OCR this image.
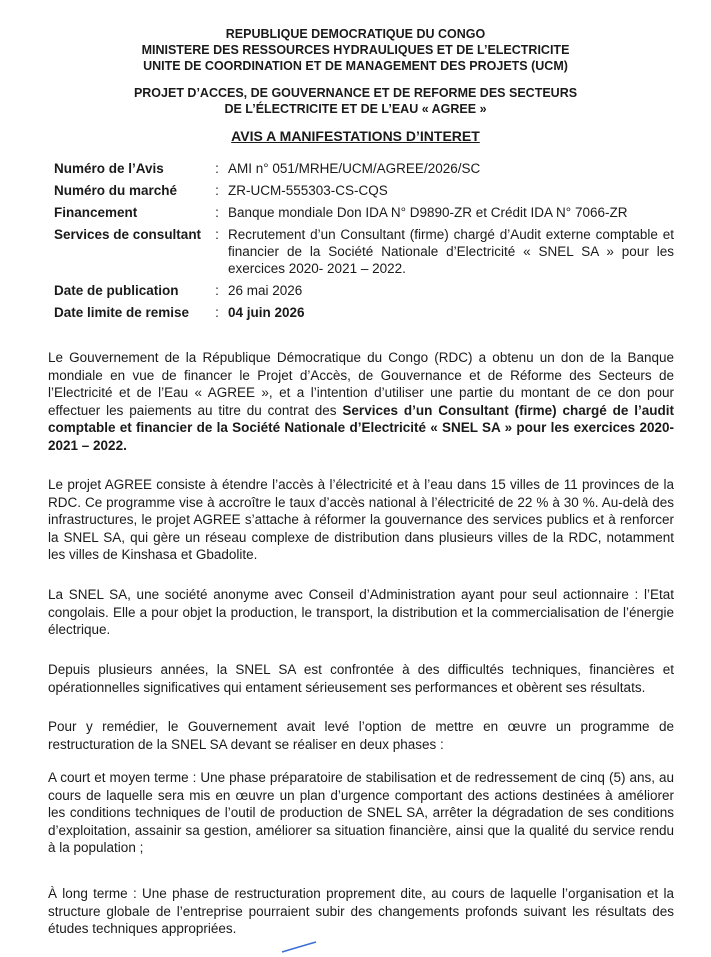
REPUBLIQUE DEMOCRATIQUE DU CONGO
MINISTERE DES RESSOURCES HYDRAULIQUES ET DE L’ELECTRICITE
UNITE DE COORDINATION ET DE MANAGEMENT DES PROJETS (UCM)
PROJET D’ACCES, DE GOUVERNANCE ET DE REFORME DES SECTEURS
DE L’ÉLECTRICITE ET DE L’EAU « AGREE »
AVIS A MANIFESTATIONS D’INTERET
Numéro de l’Avis	:	AMI n° 051/MRHE/UCM/AGREE/2026/SC
Numéro du marché	:	ZR-UCM-555303-CS-CQS
Financement	:	Banque mondiale Don IDA N° D9890-ZR et Crédit IDA N° 7066-ZR
Services de consultant	:	Recrutement d’un Consultant (firme) chargé d’Audit externe comptable et financier de la Société Nationale d’Electricité « SNEL SA » pour les exercices 2020- 2021 – 2022.
Date de publication	:	26 mai 2026
Date limite de remise	:	04 juin 2026

Le Gouvernement de la République Démocratique du Congo (RDC) a obtenu un don de la Banque mondiale en vue de financer le Projet d’Accès, de Gouvernance et de Réforme des Secteurs de l’Electricité et de l’Eau « AGREE », et a l’intention d’utiliser une partie du montant de ce don pour effectuer les paiements au titre du contrat des Services d’un Consultant (firme) chargé de l’audit comptable et financier de la Société Nationale d’Electricité « SNEL SA » pour les exercices 2020-2021 – 2022.

Le projet AGREE consiste à étendre l’accès à l’électricité et à l’eau dans 15 villes de 11 provinces de la RDC. Ce programme vise à accroître le taux d’accès national à l’électricité de 22 % à 30 %. Au-delà des infrastructures, le projet AGREE s’attache à réformer la gouvernance des services publics et à renforcer la SNEL SA, qui gère un réseau complexe de distribution dans plusieurs villes de la RDC, notamment les villes de Kinshasa et Gbadolite.

La SNEL SA, une société anonyme avec Conseil d’Administration ayant pour seul actionnaire : l’Etat congolais. Elle a pour objet la production, le transport, la distribution et la commercialisation de l’énergie électrique.

Depuis plusieurs années, la SNEL SA est confrontée à des difficultés techniques, financières et opérationnelles significatives qui entament sérieusement ses performances et obèrent ses résultats.

Pour y remédier, le Gouvernement avait levé l’option de mettre en œuvre un programme de restructuration de la SNEL SA devant se réaliser en deux phases :

A court et moyen terme : Une phase préparatoire de stabilisation et de redressement de cinq (5) ans, au cours de laquelle sera mis en œuvre un plan d’urgence comportant des actions destinées à améliorer les conditions techniques de l’outil de production de SNEL SA, arrêter la dégradation de ses conditions d’exploitation, assainir sa gestion, améliorer sa situation financière, ainsi que la qualité du service rendu à la population ;

À long terme : Une phase de restructuration proprement dite, au cours de laquelle l’organisation et la structure globale de l’entreprise pourraient subir des changements profonds suivant les résultats des études techniques appropriées.
